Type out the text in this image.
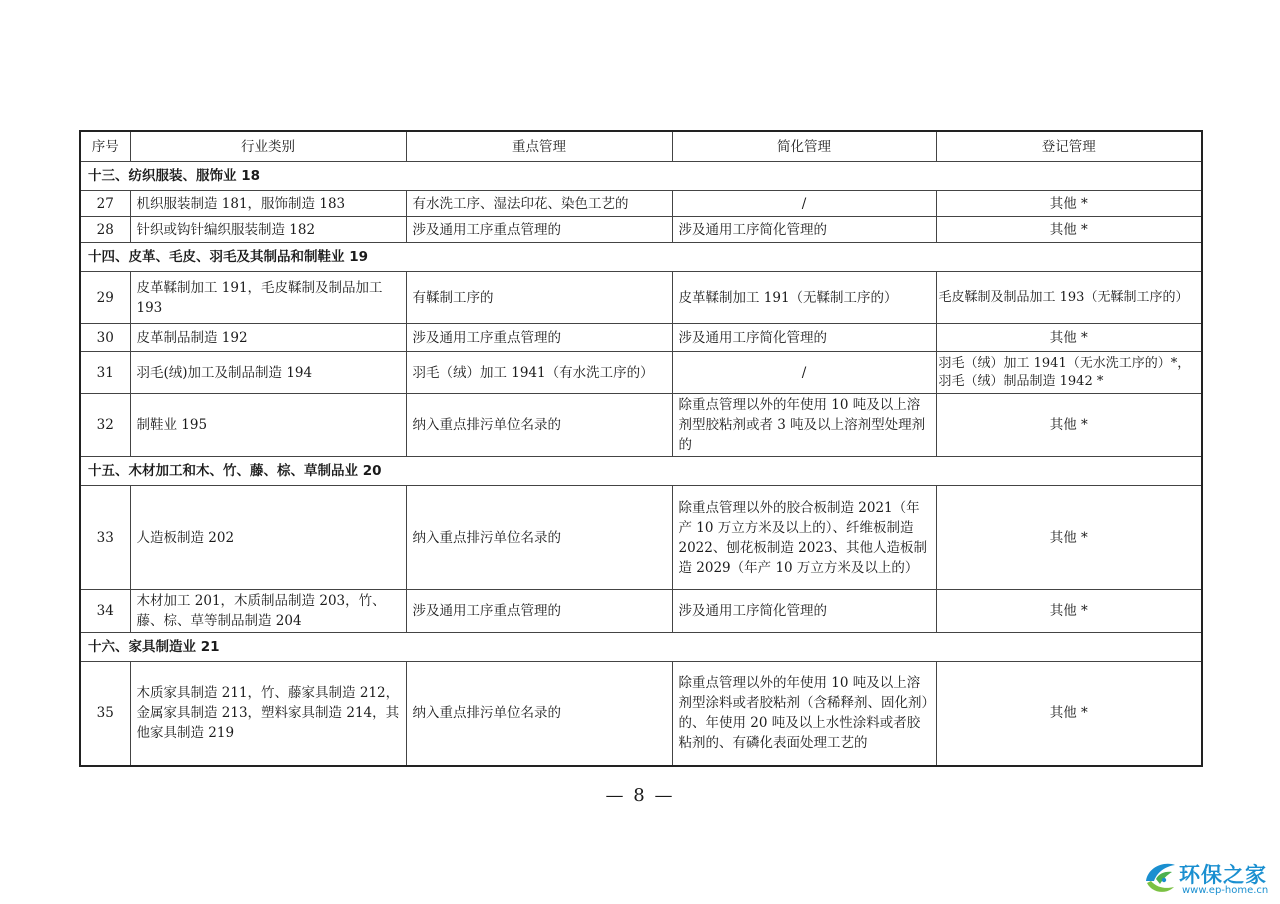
序号	行业类别	重点管理	简化管理	登记管理
十三、纺织服装、服饰业 18				
27	机织服装制造 181，服饰制造 183	有水洗工序、湿法印花、染色工艺的	/	其他 *
28	针织或钩针编织服装制造 182	涉及通用工序重点管理的	涉及通用工序简化管理的	其他 *
十四、皮革、毛皮、羽毛及其制品和制鞋业 19				
29	皮革鞣制加工 191，毛皮鞣制及制品加工 193	有鞣制工序的	皮革鞣制加工 191（无鞣制工序的）	毛皮鞣制及制品加工 193（无鞣制工序的）
30	皮革制品制造 192	涉及通用工序重点管理的	涉及通用工序简化管理的	其他 *
31	羽毛(绒)加工及制品制造 194	羽毛（绒）加工 1941（有水洗工序的）	/	羽毛（绒）加工 1941（无水洗工序的）*，羽毛（绒）制品制造 1942 *
32	制鞋业 195	纳入重点排污单位名录的	除重点管理以外的年使用 10 吨及以上溶剂型胶粘剂或者 3 吨及以上溶剂型处理剂的	其他 *
十五、木材加工和木、竹、藤、棕、草制品业 20				
33	人造板制造 202	纳入重点排污单位名录的	除重点管理以外的胶合板制造 2021（年产 10 万立方米及以上的）、纤维板制造 2022、刨花板制造 2023、其他人造板制造 2029（年产 10 万立方米及以上的）	其他 *
34	木材加工 201，木质制品制造 203，竹、藤、棕、草等制品制造 204	涉及通用工序重点管理的	涉及通用工序简化管理的	其他 *
十六、家具制造业 21				
35	木质家具制造 211，竹、藤家具制造 212，金属家具制造 213，塑料家具制造 214，其他家具制造 219	纳入重点排污单位名录的	除重点管理以外的年使用 10 吨及以上溶剂型涂料或者胶粘剂（含稀释剂、固化剂）的、年使用 20 吨及以上水性涂料或者胶粘剂的、有磷化表面处理工艺的	其他 *
— 8 —
环保之家
www.ep-home.cn
